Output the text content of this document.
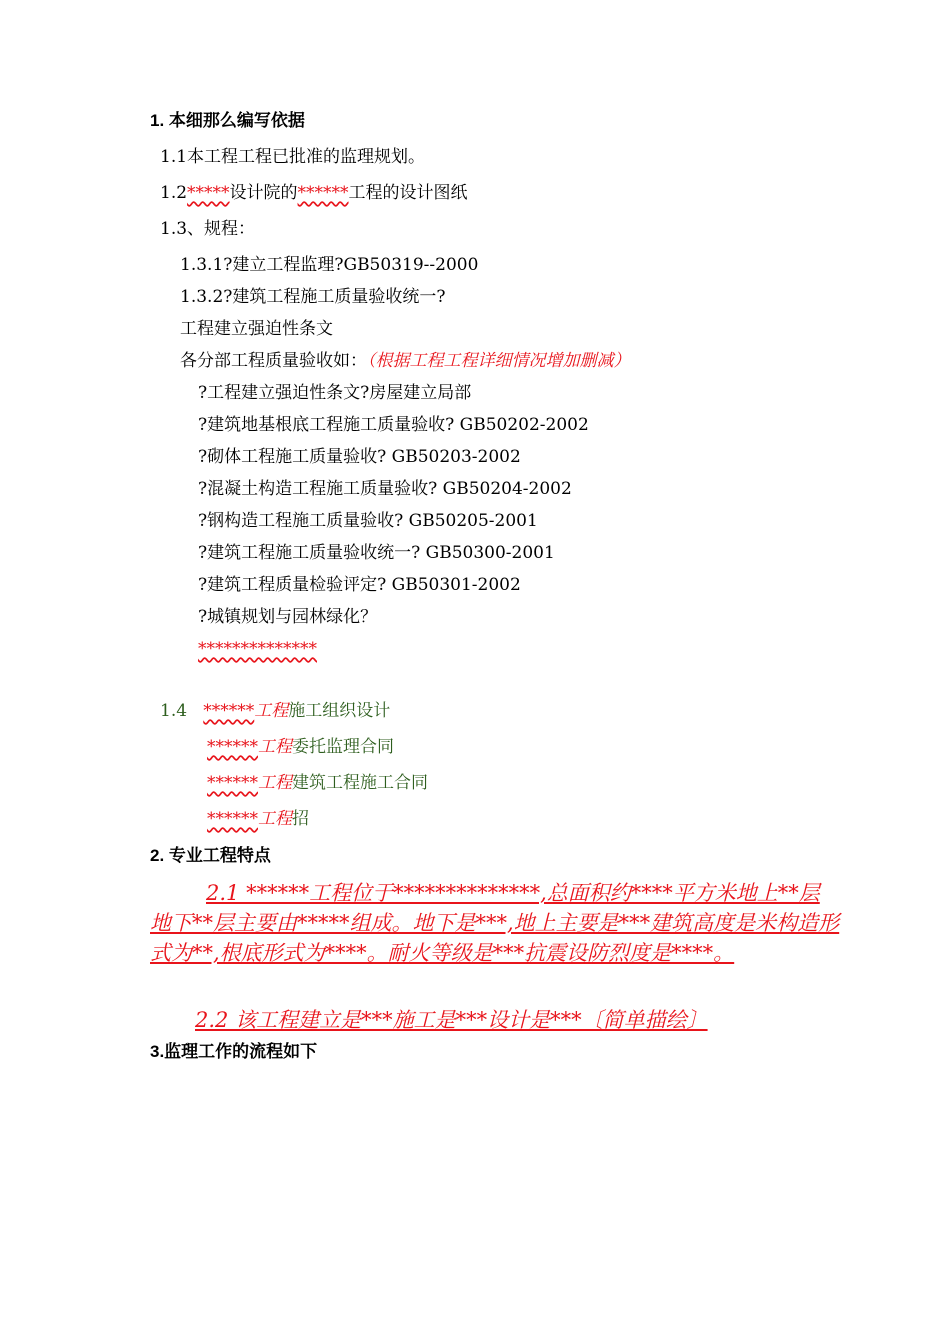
1. 本细那么编写依据
1.1本工程工程已批准的监理规划。
1.2*****设计院的******工程的设计图纸
1.3、规程：
1.3.1?建立工程监理?GB50319--2000
1.3.2?建筑工程施工质量验收统一?
工程建立强迫性条文
各分部工程质量验收如：（根据工程工程详细情况增加删减）
?工程建立强迫性条文?房屋建立局部
?建筑地基根底工程施工质量验收? GB50202-2002
?砌体工程施工质量验收? GB50203-2002
?混凝土构造工程施工质量验收? GB50204-2002
?钢构造工程施工质量验收? GB50205-2001
?建筑工程施工质量验收统一? GB50300-2001
?建筑工程质量检验评定? GB50301-2002
?城镇规划与园林绿化？
**************
1.4 ******工程施工组织设计
******工程委托监理合同
******工程建筑工程施工合同
******工程招
2. 专业工程特点
2.1 ******工程位于**************,总面积约****平方米地上**层地下**层主要由*****组成。地下是***,地上主要是***建筑高度是米构造形式为**,根底形式为****。耐火等级是***抗震设防烈度是****。
2.2 该工程建立是***施工是***设计是***〔简单描绘〕
3.监理工作的流程如下
